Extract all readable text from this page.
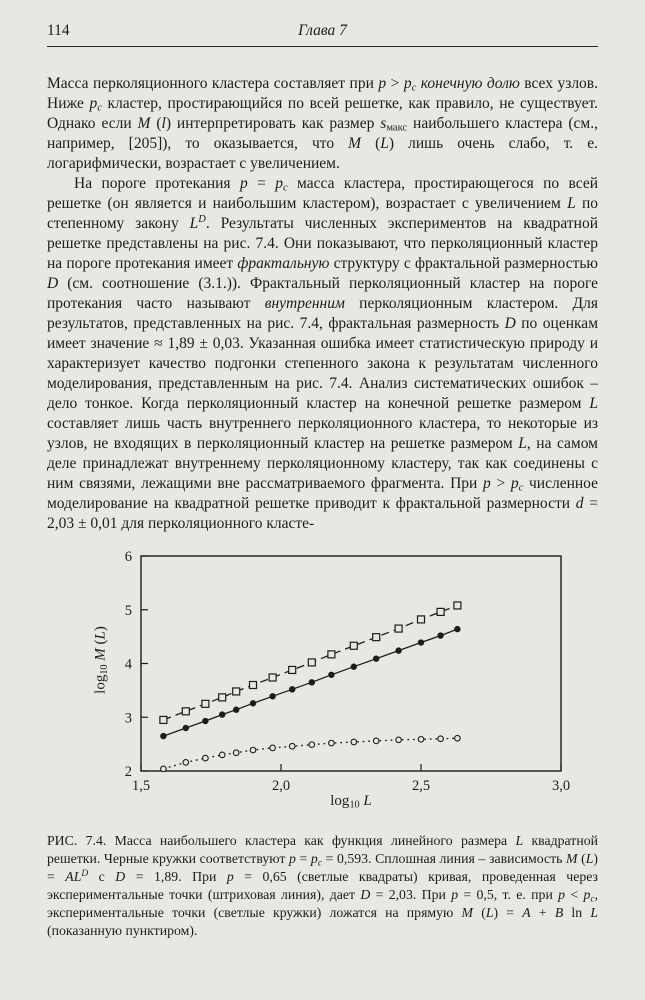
114	Глава 7

Масса перколяционного кластера составляет при $p > p_c$ конечную долю всех узлов. Ниже $p_c$ кластер, простирающийся по всей решетке, как правило, не существует. Однако если M (l) интерпретировать как размер $s_{макс}$ наибольшего кластера (см., например, [205]), то оказывается, что M (L) лишь очень слабо, т. е. логарифмически, возрастает с увеличением.

На пороге протекания $p = p_c$ масса кластера, простирающегося по всей решетке (он является и наибольшим кластером), возрастает с увеличением L по степенному закону $L^D$. Результаты численных экспериментов на квадратной решетке представлены на рис. 7.4. Они показывают, что перколяционный кластер на пороге протекания имеет фрактальную структуру с фрактальной размерностью D (см. соотношение (3.1.)). Фрактальный перколяционный кластер на пороге протекания часто называют внутренним перколяционным кластером. Для результатов, представленных на рис. 7.4, фрактальная размерность D по оценкам имеет значение ≈ 1,89 ± 0,03. Указанная ошибка имеет статистическую природу и характеризует качество подгонки степенного закона к результатам численного моделирования, представленным на рис. 7.4. Анализ систематических ошибок – дело тонкое. Когда перколяционный кластер на конечной решетке размером L составляет лишь часть внутреннего перколяционного кластера, то некоторые из узлов, не входящих в перколяционный кластер на решетке размером L, на самом деле принадлежат внутреннему перколяционному кластеру, так как соединены с ним связями, лежащими вне рассматриваемого фрагмента. При $p > p_c$ численное моделирование на квадратной решетке приводит к фрактальной размерности d = 2,03 ± 0,01 для перколяционного класте-

1,5	2,0	2,5	3,0
2
3
4
5
6
$\log_{10} M$ (L)
$\log_{10} L$

РИС. 7.4. Масса наибольшего кластера как функция линейного размера L квадратной решетки. Черные кружки соответствуют $p = p_c = 0,593$. Сплошная линия – зависимость M $(L) = AL^D$ с D = 1,89. При p = 0,65 (светлые квадраты) кривая, проведенная через экспериментальные точки (штриховая линия), дает D = 2,03. При p = 0,5, т. е. при $p < p_c$, экспериментальные точки (светлые кружки) ложатся на прямую M (L) = A + B ln L (показанную пунктиром).
